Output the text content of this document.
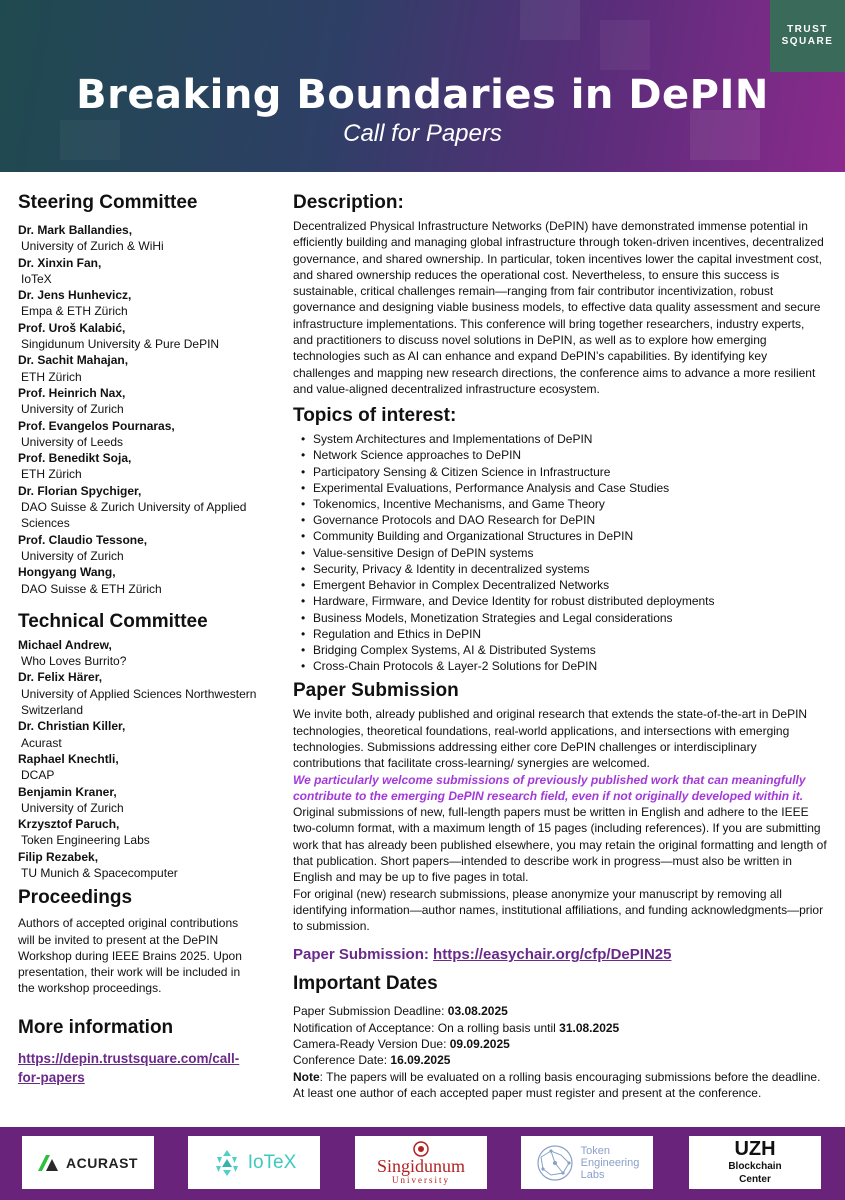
TRUST
SQUARE
Breaking Boundaries in DePIN
Call for Papers
Steering Committee
Dr. Mark Ballandies,
University of Zurich & WiHi
Dr. Xinxin Fan,
IoTeX
Dr. Jens Hunhevicz,
Empa & ETH Zürich
Prof. Uroš Kalabić,
Singidunum University & Pure DePIN
Dr. Sachit Mahajan,
ETH Zürich
Prof. Heinrich Nax,
University of Zurich
Prof. Evangelos Pournaras,
University of Leeds
Prof. Benedikt Soja,
ETH Zürich
Dr. Florian Spychiger,
DAO Suisse & Zurich University of Applied Sciences
Prof. Claudio Tessone,
University of Zurich
Hongyang Wang,
DAO Suisse & ETH Zürich
Technical Committee
Michael Andrew,
Who Loves Burrito?
Dr. Felix Härer,
University of Applied Sciences Northwestern Switzerland
Dr. Christian Killer,
Acurast
Raphael Knechtli,
DCAP
Benjamin Kraner,
University of Zurich
Krzysztof Paruch,
Token Engineering Labs
Filip Rezabek,
TU Munich & Spacecomputer
Proceedings
Authors of accepted original contributions will be invited to present at the DePIN Workshop during IEEE Brains 2025. Upon presentation, their work will be included in the workshop proceedings.
More information
https://depin.trustsquare.com/call-for-papers
Description:
Decentralized Physical Infrastructure Networks (DePIN) have demonstrated immense potential in efficiently building and managing global infrastructure through token-driven incentives, decentralized governance, and shared ownership. In particular, token incentives lower the capital investment cost, and shared ownership reduces the operational cost. Nevertheless, to ensure this success is sustainable, critical challenges remain—ranging from fair contributor incentivization, robust governance and designing viable business models, to effective data quality assessment and secure infrastructure implementations. This conference will bring together researchers, industry experts, and practitioners to discuss novel solutions in DePIN, as well as to explore how emerging technologies such as AI can enhance and expand DePIN’s capabilities. By identifying key challenges and mapping new research directions, the conference aims to advance a more resilient and value-aligned decentralized infrastructure ecosystem.
Topics of interest:
• System Architectures and Implementations of DePIN
• Network Science approaches to DePIN
• Participatory Sensing & Citizen Science in Infrastructure
• Experimental Evaluations, Performance Analysis and Case Studies
• Tokenomics, Incentive Mechanisms, and Game Theory
• Governance Protocols and DAO Research for DePIN
• Community Building and Organizational Structures in DePIN
• Value-sensitive Design of DePIN systems
• Security, Privacy & Identity in decentralized systems
• Emergent Behavior in Complex Decentralized Networks
• Hardware, Firmware, and Device Identity for robust distributed deployments
• Business Models, Monetization Strategies and Legal considerations
• Regulation and Ethics in DePIN
• Bridging Complex Systems, AI & Distributed Systems
• Cross-Chain Protocols & Layer-2 Solutions for DePIN
Paper Submission
We invite both, already published and original research that extends the state-of-the-art in DePIN technologies, theoretical foundations, real-world applications, and intersections with emerging technologies. Submissions addressing either core DePIN challenges or interdisciplinary contributions that facilitate cross-learning/ synergies are welcomed.
We particularly welcome submissions of previously published work that can meaningfully contribute to the emerging DePIN research field, even if not originally developed within it.
Original submissions of new, full-length papers must be written in English and adhere to the IEEE two-column format, with a maximum length of 15 pages (including references). If you are submitting work that has already been published elsewhere, you may retain the original formatting and length of that publication. Short papers—intended to describe work in progress—must also be written in English and may be up to five pages in total.
For original (new) research submissions, please anonymize your manuscript by removing all identifying information—author names, institutional affiliations, and funding acknowledgments—prior to submission.
Paper Submission: https://easychair.org/cfp/DePIN25
Important Dates
Paper Submission Deadline: 03.08.2025
Notification of Acceptance: On a rolling basis until 31.08.2025
Camera-Ready Version Due: 09.09.2025
Conference Date: 16.09.2025
Note: The papers will be evaluated on a rolling basis encouraging submissions before the deadline. At least one author of each accepted paper must register and present at the conference.
ACURAST	IoTeX	Singidunum
University
Token
Engineering
Labs
UZH
Blockchain
Center
